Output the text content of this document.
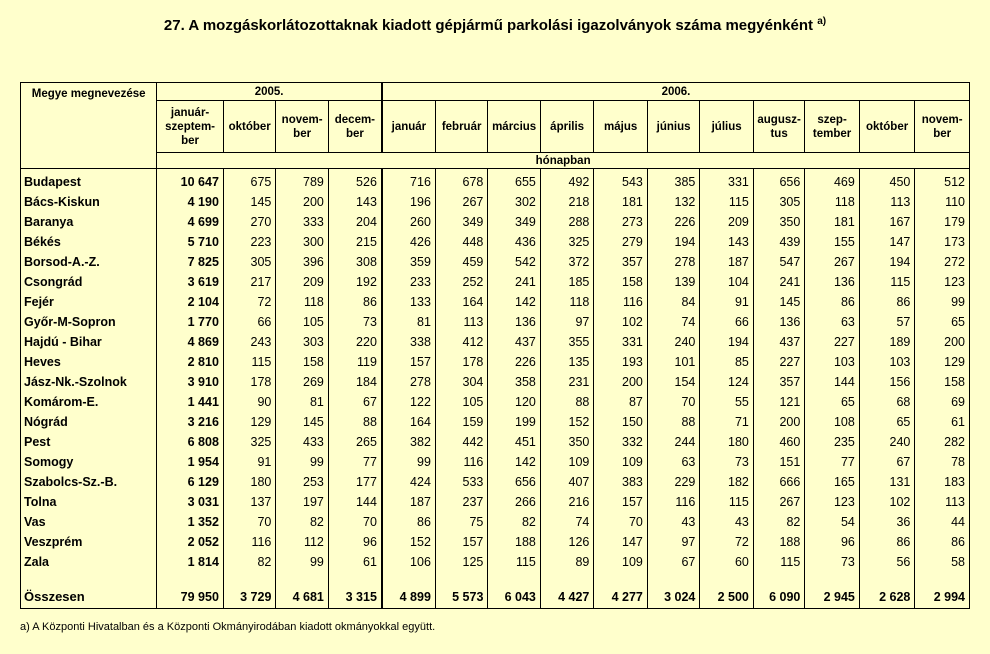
27. A mozgáskorlátozottaknak kiadott gépjármű parkolási igazolványok száma megyénként $^{a)}$
Megye megnevezése	2005.				2006.										
	január-szeptem-ber	október	novem-ber	decem-ber	január	február	március	április	május	június	július	augusz-tus	szep-tember	október	novem-ber
	hónapban														
Budapest	10 647	675	789	526	716	678	655	492	543	385	331	656	469	450	512
Bács-Kiskun	4 190	145	200	143	196	267	302	218	181	132	115	305	118	113	110
Baranya	4 699	270	333	204	260	349	349	288	273	226	209	350	181	167	179
Békés	5 710	223	300	215	426	448	436	325	279	194	143	439	155	147	173
Borsod-A.-Z.	7 825	305	396	308	359	459	542	372	357	278	187	547	267	194	272
Csongrád	3 619	217	209	192	233	252	241	185	158	139	104	241	136	115	123
Fejér	2 104	72	118	86	133	164	142	118	116	84	91	145	86	86	99
Győr-M-Sopron	1 770	66	105	73	81	113	136	97	102	74	66	136	63	57	65
Hajdú - Bihar	4 869	243	303	220	338	412	437	355	331	240	194	437	227	189	200
Heves	2 810	115	158	119	157	178	226	135	193	101	85	227	103	103	129
Jász-Nk.-Szolnok	3 910	178	269	184	278	304	358	231	200	154	124	357	144	156	158
Komárom-E.	1 441	90	81	67	122	105	120	88	87	70	55	121	65	68	69
Nógrád	3 216	129	145	88	164	159	199	152	150	88	71	200	108	65	61
Pest	6 808	325	433	265	382	442	451	350	332	244	180	460	235	240	282
Somogy	1 954	91	99	77	99	116	142	109	109	63	73	151	77	67	78
Szabolcs-Sz.-B.	6 129	180	253	177	424	533	656	407	383	229	182	666	165	131	183
Tolna	3 031	137	197	144	187	237	266	216	157	116	115	267	123	102	113
Vas	1 352	70	82	70	86	75	82	74	70	43	43	82	54	36	44
Veszprém	2 052	116	112	96	152	157	188	126	147	97	72	188	96	86	86
Zala	1 814	82	99	61	106	125	115	89	109	67	60	115	73	56	58

Összesen	79 950	3 729	4 681	3 315	4 899	5 573	6 043	4 427	4 277	3 024	2 500	6 090	2 945	2 628	2 994
a) A Központi Hivatalban és a Központi Okmányirodában kiadott okmányokkal együtt.
